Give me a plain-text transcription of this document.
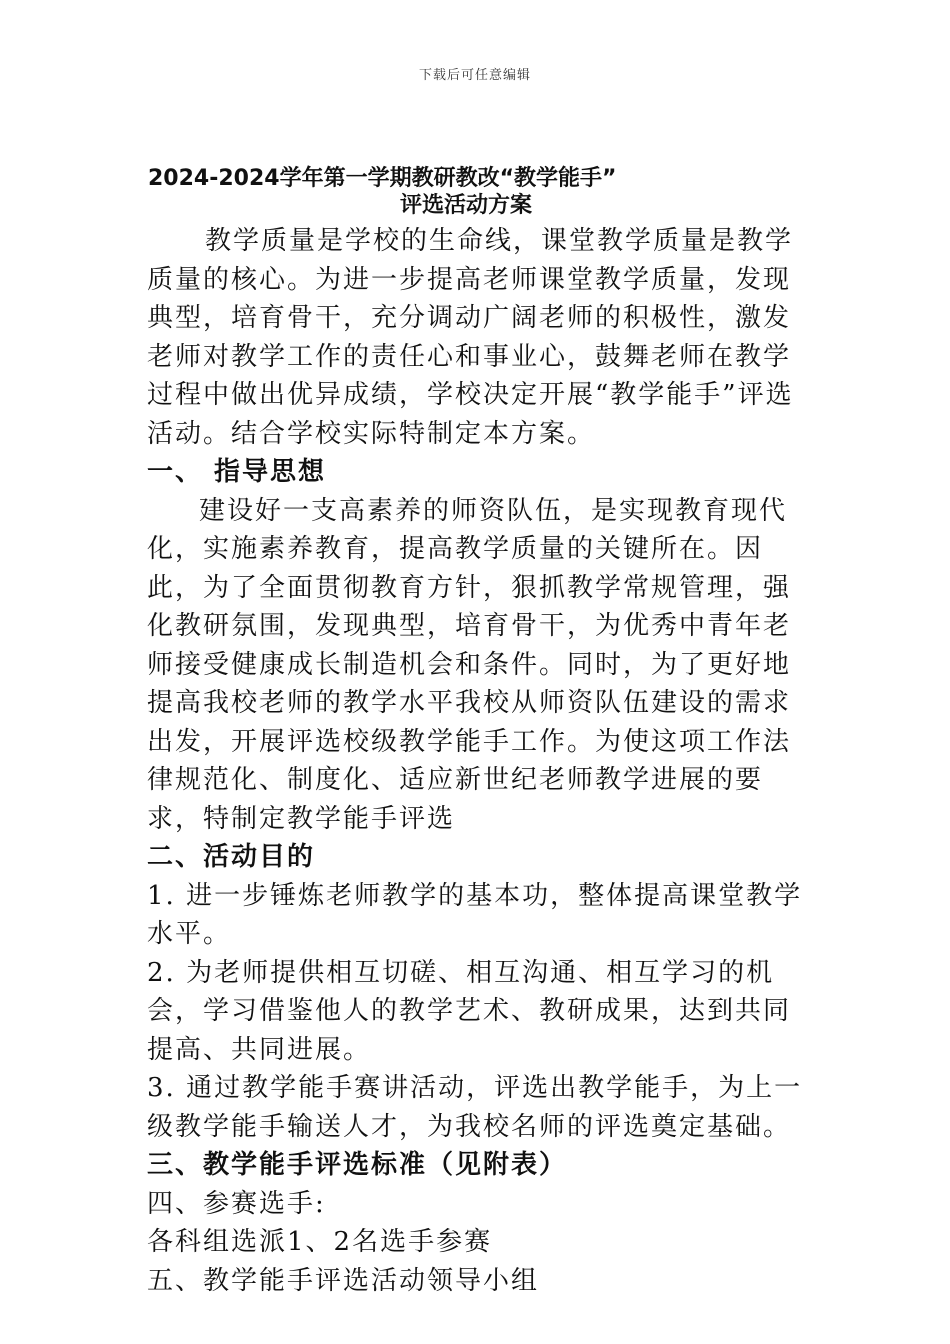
下载后可任意编辑
2024-2024学年第一学期教研教改“教学能手”
评选活动方案

教学质量是学校的生命线，课堂教学质量是教学质量的核心。为进一步提高老师课堂教学质量，发现典型，培育骨干，充分调动广阔老师的积极性，激发老师对教学工作的责任心和事业心，鼓舞老师在教学过程中做出优异成绩，学校决定开展“教学能手”评选活动。结合学校实际特制定本方案。

一、 指导思想

建设好一支高素养的师资队伍，是实现教育现代化，实施素养教育，提高教学质量的关键所在。因此，为了全面贯彻教育方针，狠抓教学常规管理，强化教研氛围，发现典型，培育骨干，为优秀中青年老师接受健康成长制造机会和条件。同时，为了更好地提高我校老师的教学水平我校从师资队伍建设的需求出发，开展评选校级教学能手工作。为使这项工作法律规范化、制度化、适应新世纪老师教学进展的要求，特制定教学能手评选

二、活动目的

1. 进一步锤炼老师教学的基本功，整体提高课堂教学水平。

2. 为老师提供相互切磋、相互沟通、相互学习的机会，学习借鉴他人的教学艺术、教研成果，达到共同提高、共同进展。

3. 通过教学能手赛讲活动，评选出教学能手，为上一级教学能手输送人才，为我校名师的评选奠定基础。

三、教学能手评选标准（见附表）

四、参赛选手:

各科组选派1、2名选手参赛

五、教学能手评选活动领导小组
